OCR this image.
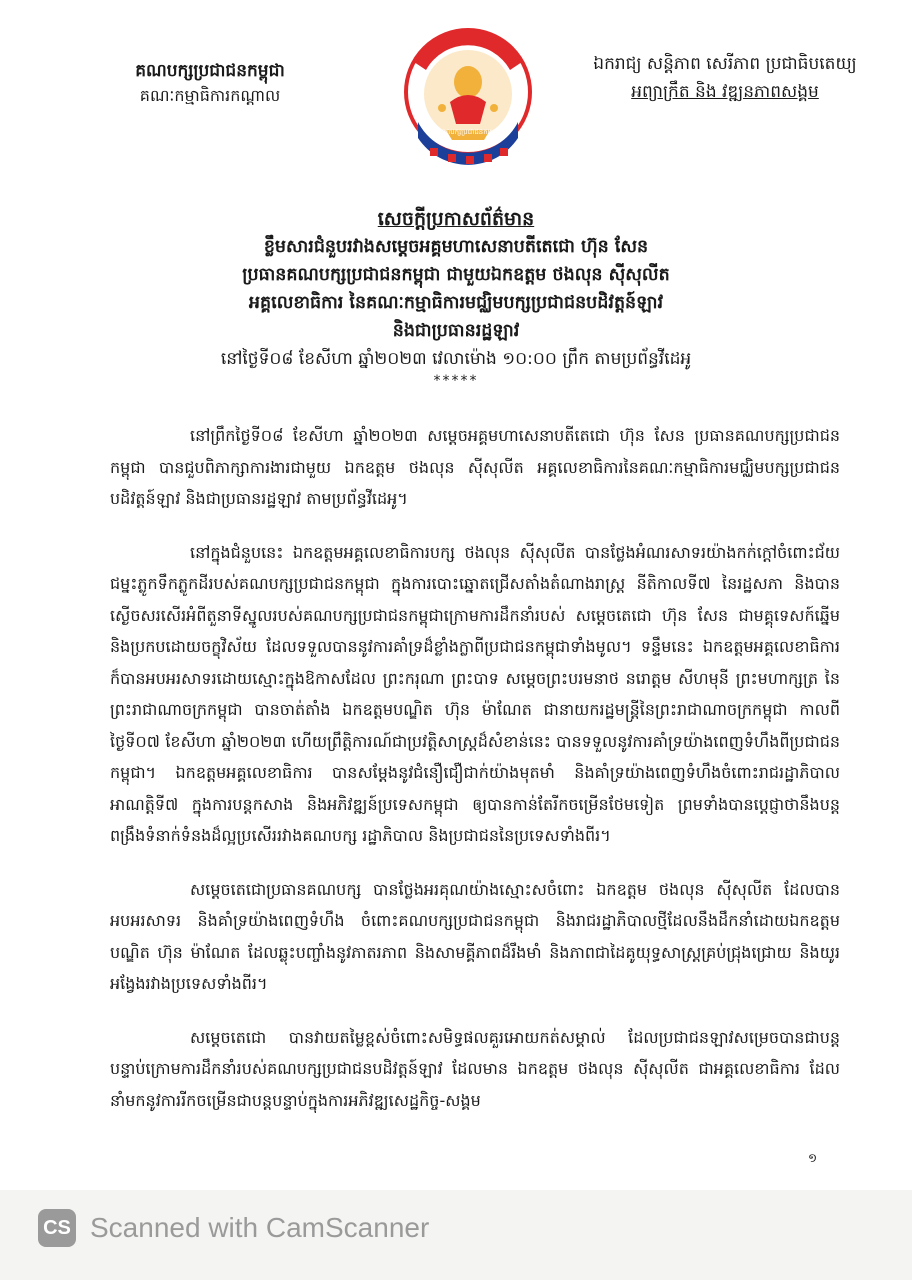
គណបក្សប្រជាជនកម្ពុជា
គណៈកម្មាធិការកណ្តាល
គណបក្សប្រជាជនកម្ពុជា
ឯករាជ្យ សន្តិភាព សេរីភាព ប្រជាធិបតេយ្យ
អព្យាក្រឹត និង វឌ្ឍនភាពសង្គម
សេចក្តីប្រកាសព័ត៌មាន
ខ្លឹមសារជំនួបរវាងសម្តេចអគ្គមហាសេនាបតីតេជោ ហ៊ុន សែន
ប្រធានគណបក្សប្រជាជនកម្ពុជា ជាមួយឯកឧត្តម ថងលុន ស៊ីសុលីត
អគ្គលេខាធិការ នៃគណៈកម្មាធិការមជ្ឈិមបក្សប្រជាជនបដិវត្តន៍ឡាវ
និងជាប្រធានរដ្ឋឡាវ
នៅថ្ងៃទី០៨ ខែសីហា ឆ្នាំ២០២៣ វេលាម៉ោង ១០:០០ ព្រឹក តាមប្រព័ន្ធវីដេអូ
*****

នៅព្រឹកថ្ងៃទី០៨ ខែសីហា ឆ្នាំ២០២៣ សម្តេចអគ្គមហាសេនាបតីតេជោ ហ៊ុន សែន ប្រធានគណបក្សប្រជាជនកម្ពុជា បានជួបពិភាក្សាការងារជាមួយ ឯកឧត្តម ថងលុន ស៊ីសុលីត អគ្គលេខាធិការនៃគណៈកម្មាធិការមជ្ឈិមបក្សប្រជាជនបដិវត្តន៍ឡាវ និងជាប្រធានរដ្ឋឡាវ តាមប្រព័ន្ធវីដេអូ។

នៅក្នុងជំនួបនេះ ឯកឧត្តមអគ្គលេខាធិការបក្ស ថងលុន ស៊ីសុលីត បានថ្លែងអំណរសាទរយ៉ាងកក់ក្តៅចំពោះជ័យជម្នះភ្លូកទឹកភ្លូកដីរបស់គណបក្សប្រជាជនកម្ពុជា ក្នុងការបោះឆ្នោតជ្រើសតាំងតំណាងរាស្ត្រ នីតិកាលទី៧ នៃរដ្ឋសភា និងបានស្ងើចសរសើរអំពីតួនាទីស្នូលរបស់គណបក្សប្រជាជនកម្ពុជាក្រោមការដឹកនាំរបស់ សម្តេចតេជោ ហ៊ុន សែន ជាមគ្គុទេសក៍ឆ្នើម និងប្រកបដោយចក្ខុវិស័យ ដែលទទួលបាននូវការគាំទ្រដ៏ខ្លាំងក្លាពីប្រជាជនកម្ពុជាទាំងមូល។ ទន្ទឹមនេះ ឯកឧត្តមអគ្គលេខាធិការ ក៏បានអបអរសាទរដោយស្មោះក្នុងឱកាសដែល ព្រះករុណា ព្រះបាទ សម្តេចព្រះបរមនាថ នរោត្តម សីហមុនី ព្រះមហាក្សត្រ នៃព្រះរាជាណាចក្រកម្ពុជា បានចាត់តាំង ឯកឧត្តមបណ្ឌិត ហ៊ុន ម៉ាណែត ជានាយករដ្ឋមន្ត្រីនៃព្រះរាជាណាចក្រកម្ពុជា កាលពីថ្ងៃទី០៧ ខែសីហា ឆ្នាំ២០២៣ ហើយព្រឹត្តិការណ៍ជាប្រវត្តិសាស្ត្រដ៏សំខាន់នេះ បានទទួលនូវការគាំទ្រយ៉ាងពេញទំហឹងពីប្រជាជនកម្ពុជា។ ឯកឧត្តមអគ្គលេខាធិការ បានសម្តែងនូវជំនឿជឿជាក់យ៉ាងមុតមាំ និងគាំទ្រយ៉ាងពេញទំហឹងចំពោះរាជរដ្ឋាភិបាលអាណត្តិទី៧ ក្នុងការបន្តកសាង និងអភិវឌ្ឍន៍ប្រទេសកម្ពុជា ឲ្យបានកាន់តែរីកចម្រើនថែមទៀត ព្រមទាំងបានប្តេជ្ញាថានឹងបន្តពង្រឹងទំនាក់ទំនងដ៏ល្អប្រសើររវាងគណបក្ស រដ្ឋាភិបាល និងប្រជាជននៃប្រទេសទាំងពីរ។

សម្តេចតេជោប្រធានគណបក្ស បានថ្លែងអរគុណយ៉ាងស្មោះសចំពោះ ឯកឧត្តម ថងលុន ស៊ីសុលីត ដែលបានអបអរសាទរ និងគាំទ្រយ៉ាងពេញទំហឹង ចំពោះគណបក្សប្រជាជនកម្ពុជា និងរាជរដ្ឋាភិបាលថ្មីដែលនឹងដឹកនាំដោយឯកឧត្តម បណ្ឌិត ហ៊ុន ម៉ាណែត ដែលឆ្លុះបញ្ចាំងនូវភាតរភាព និងសាមគ្គីភាពដ៏រឹងមាំ និងភាពជាដៃគូយុទ្ធសាស្ត្រគ្រប់ជ្រុងជ្រោយ និងយូរអង្វែងរវាងប្រទេសទាំងពីរ។

សម្តេចតេជោ បានវាយតម្លៃខ្ពស់ចំពោះសមិទ្ធផលគួរអោយកត់សម្គាល់ ដែលប្រជាជនឡាវសម្រេចបានជាបន្តបន្ទាប់ក្រោមការដឹកនាំរបស់គណបក្សប្រជាជនបដិវត្តន៍ឡាវ ដែលមាន ឯកឧត្តម ថងលុន ស៊ីសុលីត ជាអគ្គលេខាធិការ ដែលនាំមកនូវការរីកចម្រើនជាបន្តបន្ទាប់ក្នុងការអភិវឌ្ឍសេដ្ឋកិច្ច-សង្គម

១
CS Scanned with CamScanner
